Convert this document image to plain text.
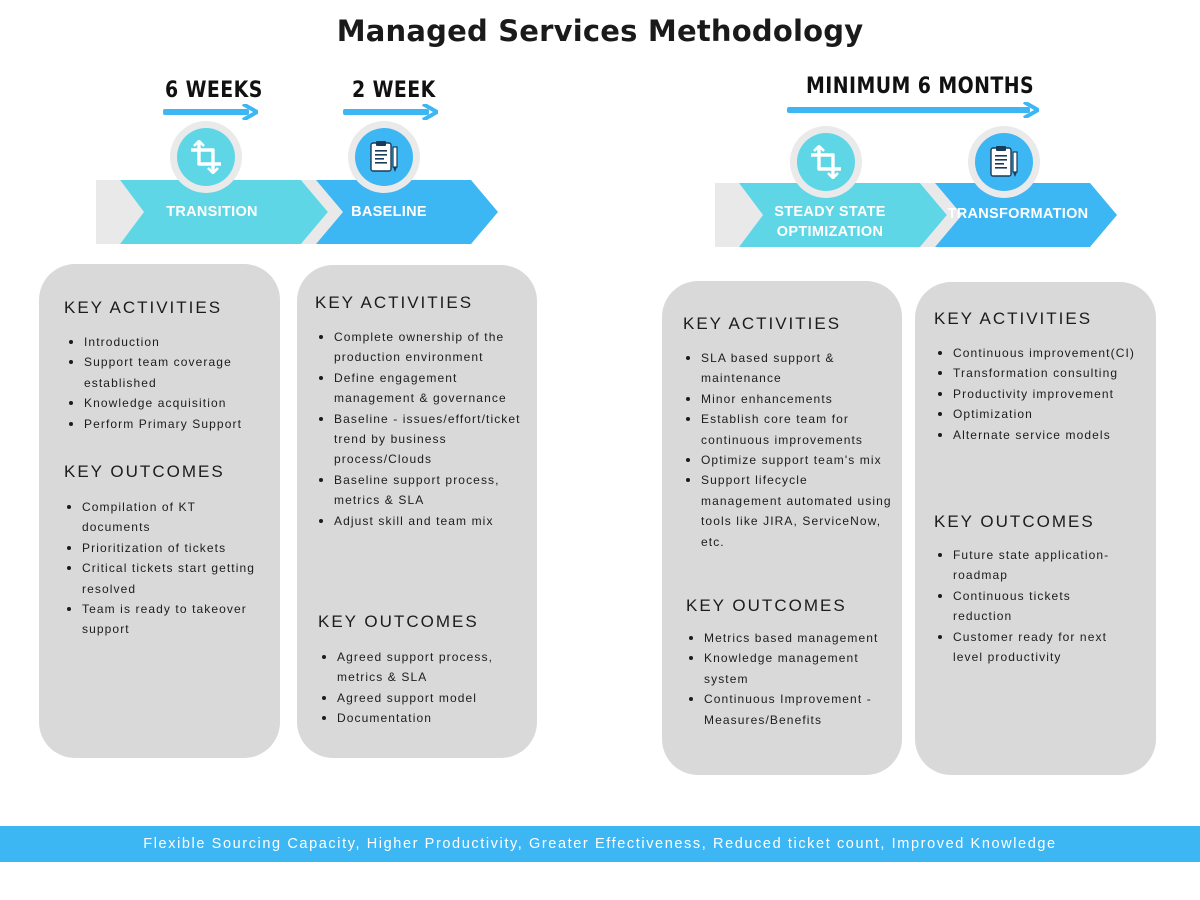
Managed Services Methodology
6 WEEKS	2 WEEK	MINIMUM 6 MONTHS
TRANSITION	BASELINE	STEADY STATE
OPTIMIZATION
TRANSFORMATION
KEY ACTIVITIES
Introduction
Support team coverage established
Knowledge acquisition
Perform Primary Support
KEY OUTCOMES
Compilation of KT documents
Prioritization of tickets
Critical tickets start getting resolved
Team is ready to takeover support
KEY ACTIVITIES
Complete ownership of the production environment
Define engagement management & governance
Baseline - issues/effort/ticket trend by business process/Clouds
Baseline support process, metrics & SLA
Adjust skill and team mix
KEY OUTCOMES
Agreed support process, metrics & SLA
Agreed support model
Documentation
KEY ACTIVITIES
SLA based support & maintenance
Minor enhancements
Establish core team for continuous improvements
Optimize support team's mix
Support lifecycle management automated using tools like JIRA, ServiceNow, etc.
KEY OUTCOMES
Metrics based management
Knowledge management system
Continuous Improvement - Measures/Benefits
KEY ACTIVITIES
Continuous improvement(CI)
Transformation consulting
Productivity improvement
Optimization
Alternate service models
KEY OUTCOMES
Future state application-roadmap
Continuous tickets reduction
Customer ready for next level productivity
Flexible Sourcing Capacity, Higher Productivity, Greater Effectiveness, Reduced ticket count, Improved Knowledge
